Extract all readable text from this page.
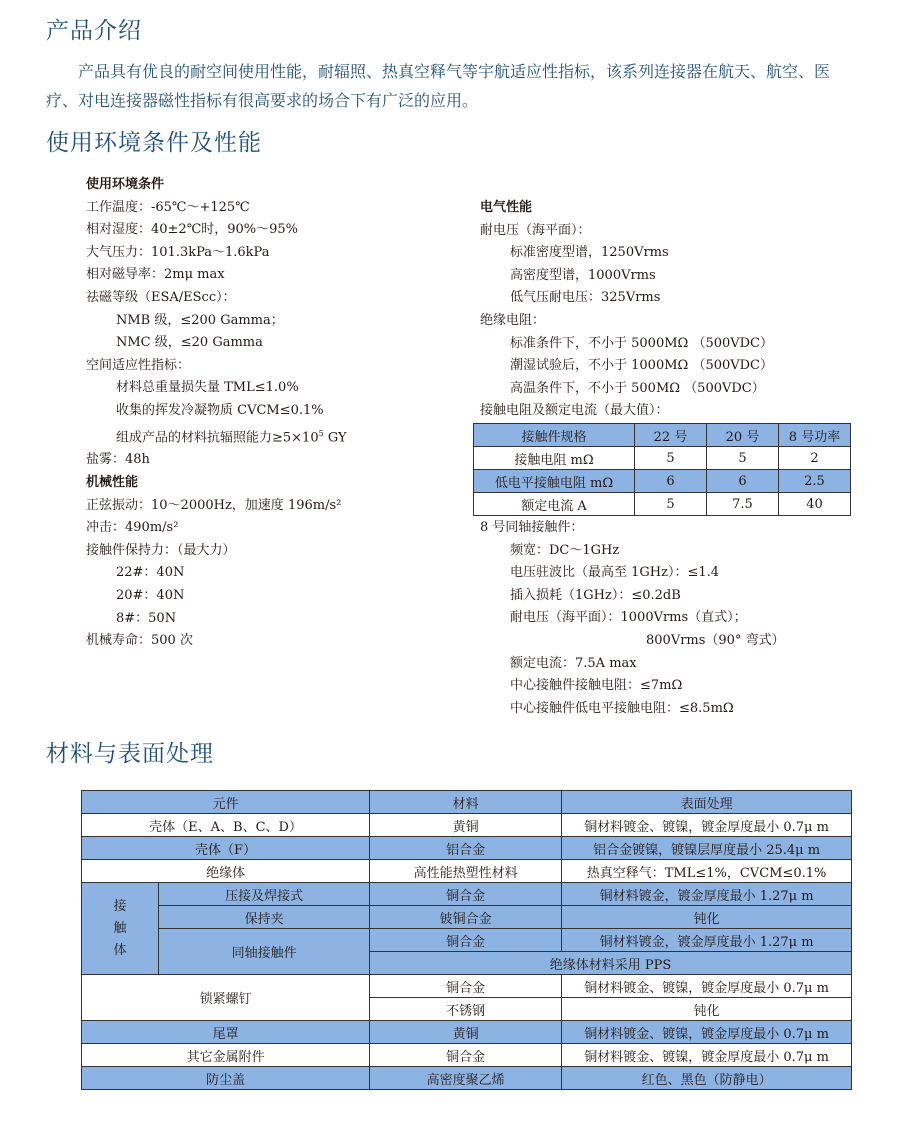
产品介绍

产品具有优良的耐空间使用性能，耐辐照、热真空释气等宇航适应性指标，该系列连接器在航天、航空、医疗、对电连接器磁性指标有很高要求的场合下有广泛的应用。

使用环境条件及性能
使用环境条件
工作温度：-65℃～+125℃
相对湿度：40±2℃时，90%～95%
大气压力：101.3kPa～1.6kPa
相对磁导率：2mμ max
祛磁等级（ESA/EScc）：
NMB 级，≤200 Gamma；
NMC 级，≤20 Gamma
空间适应性指标：
材料总重量损失量 TML≤1.0%
收集的挥发冷凝物质 CVCM≤0.1%
组成产品的材料抗辐照能力$\ge 5\times 10^5$ GY
盐雾：48h
机械性能
正弦振动：10～2000Hz，加速度 196m/s²
冲击：490m/s²
接触件保持力：（最大力）
22#：40N
20#：40N
8#：50N
机械寿命：500 次
电气性能
耐电压（海平面）：
标准密度型谱，1250Vrms
高密度型谱，1000Vrms
低气压耐电压：325Vrms
绝缘电阻：
标准条件下，不小于 5000MΩ （500VDC）
潮湿试验后，不小于 1000MΩ （500VDC）
高温条件下，不小于 500MΩ （500VDC）
接触电阻及额定电流（最大值）：
接触件规格	22 号	20 号	8 号功率
接触电阻 mΩ	5	5	2
低电平接触电阻 mΩ	6	6	2.5
额定电流 A	5	7.5	40
8 号同轴接触件：
频宽：DC～1GHz
电压驻波比（最高至 1GHz）：≤1.4
插入损耗（1GHz）：≤0.2dB
耐电压（海平面）：1000Vrms（直式）；
800Vrms（90° 弯式）
额定电流：7.5A max
中心接触件接触电阻：≤7mΩ
中心接触件低电平接触电阻：≤8.5mΩ
材料与表面处理
元件		材料	表面处理
壳体（E、A、B、C、D）		黄铜	铜材料镀金、镀镍，镀金厚度最小 0.7μ m
壳体（F）		铝合金	铝合金镀镍，镀镍层厚度最小 25.4μ m
绝缘体		高性能热塑性材料	热真空释气：TML≤1%，CVCM≤0.1%
接
触
体	压接及焊接式	铜合金	铜材料镀金，镀金厚度最小 1.27μ m
	保持夹	铍铜合金	钝化
	同轴接触件	铜合金	铜材料镀金，镀金厚度最小 1.27μ m
		绝缘体材料采用 PPS	
锁紧螺钉		铜合金	铜材料镀金、镀镍，镀金厚度最小 0.7μ m
		不锈钢	钝化
尾罩		黄铜	铜材料镀金、镀镍，镀金厚度最小 0.7μ m
其它金属附件		铜合金	铜材料镀金、镀镍，镀金厚度最小 0.7μ m
防尘盖		高密度聚乙烯	红色、黑色（防静电）
